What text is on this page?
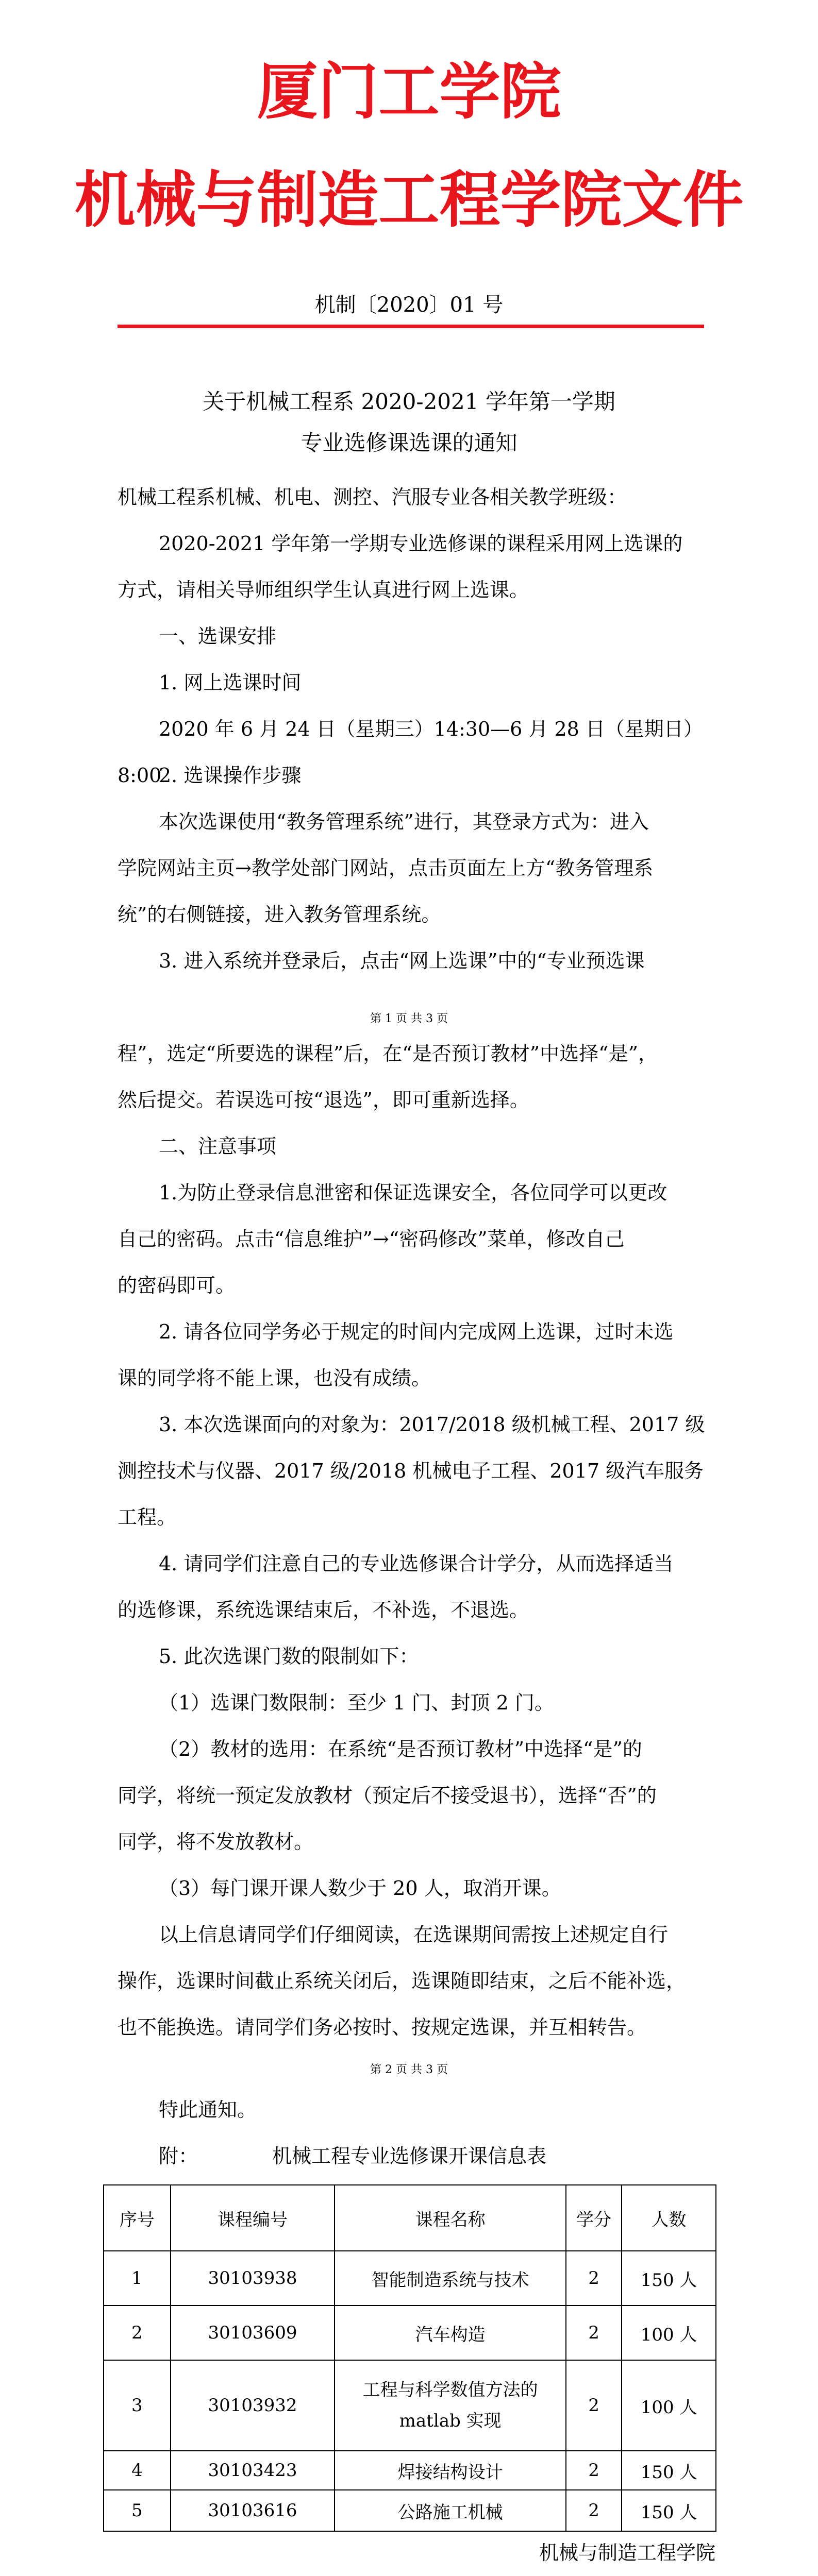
厦门工学院
机械与制造工程学院文件
机制〔2020〕01 号
关于机械工程系 2020-2021 学年第一学期
专业选修课选课的通知
机械工程系机械、机电、测控、汽服专业各相关教学班级：
2020-2021 学年第一学期专业选修课的课程采用网上选课的
方式，请相关导师组织学生认真进行网上选课。
一、选课安排
1. 网上选课时间
2020 年 6 月 24 日（星期三）14:30—6 月 28 日（星期日）8:00
2. 选课操作步骤
本次选课使用“教务管理系统”进行，其登录方式为：进入
学院网站主页→教学处部门网站，点击页面左上方“教务管理系
统”的右侧链接，进入教务管理系统。
3. 进入系统并登录后，点击“网上选课”中的“专业预选课
第 1 页 共 3 页
程”，选定“所要选的课程”后，在“是否预订教材”中选择“是”，
然后提交。若误选可按“退选”，即可重新选择。
二、注意事项
1.为防止登录信息泄密和保证选课安全，各位同学可以更改
自己的密码。点击“信息维护”→“密码修改”菜单，修改自己
的密码即可。
2. 请各位同学务必于规定的时间内完成网上选课，过时未选
课的同学将不能上课，也没有成绩。
3. 本次选课面向的对象为：2017/2018 级机械工程、2017 级
测控技术与仪器、2017 级/2018 机械电子工程、2017 级汽车服务
工程。
4. 请同学们注意自己的专业选修课合计学分，从而选择适当
的选修课，系统选课结束后，不补选，不退选。
5. 此次选课门数的限制如下：
（1）选课门数限制：至少 1 门、封顶 2 门。
（2）教材的选用：在系统“是否预订教材”中选择“是”的
同学，将统一预定发放教材（预定后不接受退书），选择“否”的
同学，将不发放教材。
（3）每门课开课人数少于 20 人，取消开课。
以上信息请同学们仔细阅读，在选课期间需按上述规定自行
操作，选课时间截止系统关闭后，选课随即结束，之后不能补选，
也不能换选。请同学们务必按时、按规定选课，并互相转告。
第 2 页 共 3 页
特此通知。
附：	机械工程专业选修课开课信息表
序号	课程编号	课程名称	学分	人数
1	30103938	智能制造系统与技术	2	150 人
2	30103609	汽车构造	2	100 人
3	30103932	工程与科学数值方法的 matlab 实现	2	100 人
4	30103423	焊接结构设计	2	150 人
5	30103616	公路施工机械	2	150 人
机械与制造工程学院
